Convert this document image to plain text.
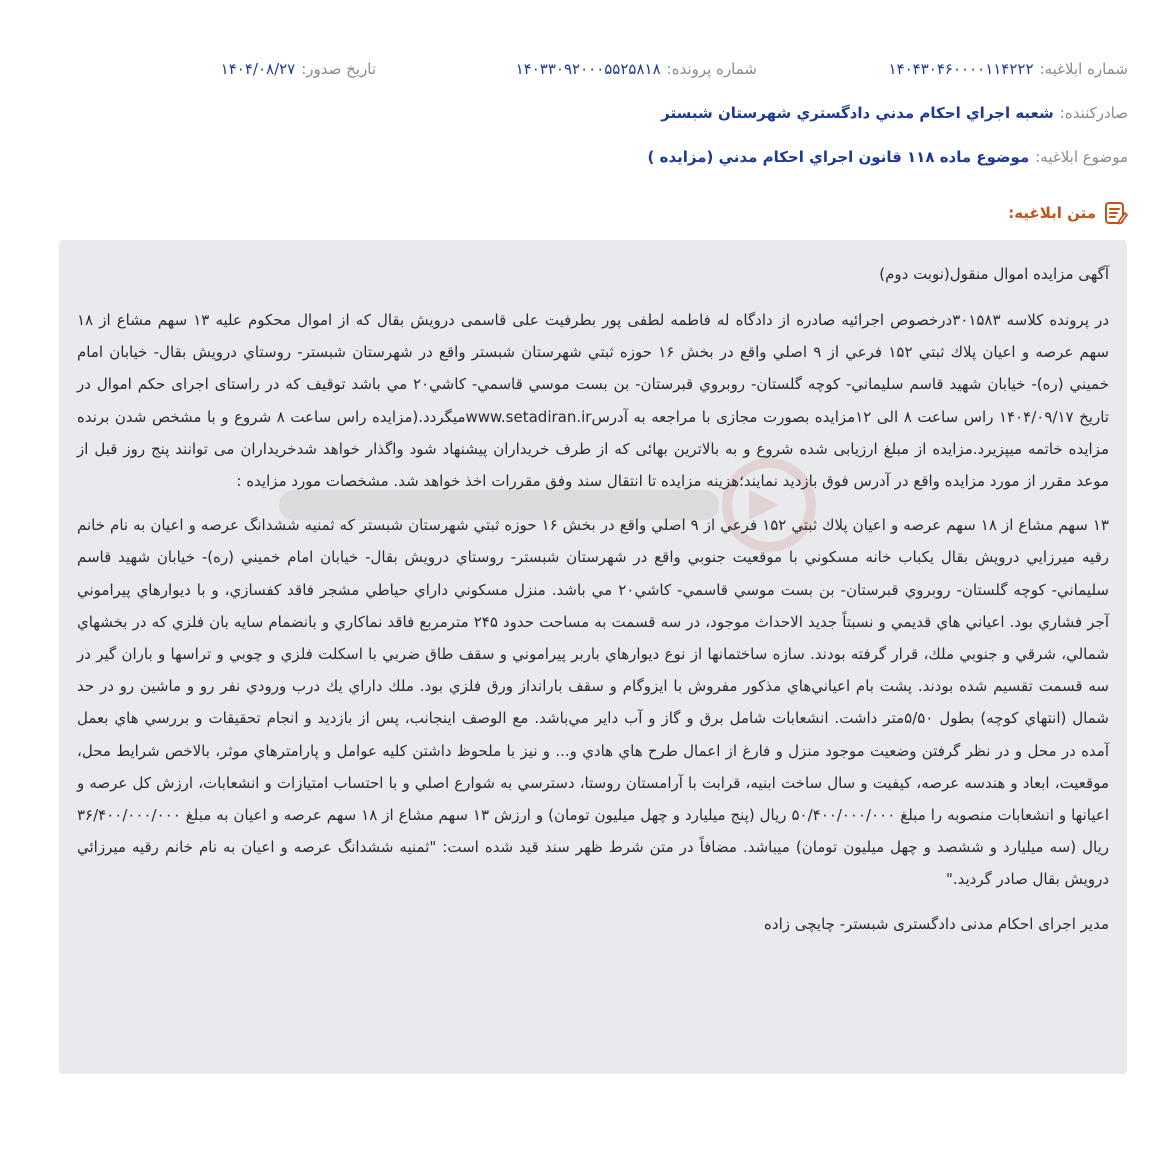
شماره ابلاغیه:
۱۴۰۴۳۰۴۶۰۰۰۰۱۱۴۲۲۲
شماره پرونده:
۱۴۰۳۳۰۹۲۰۰۰۵۵۲۵۸۱۸
تاریخ صدور:
۱۴۰۴/۰۸/۲۷
صادرکننده:
شعبه اجراي احكام مدني دادگستري شهرستان شبستر
موضوع ابلاغیه:
موضوع ماده ۱۱۸ قانون اجراي احكام مدني (مزايده )
متن ابلاغیه:

آگهی مزایده اموال منقول(نوبت دوم)

در پرونده کلاسه ۳۰۱۵۸۳درخصوص اجرائیه صادره از دادگاه له فاطمه لطفی پور بطرفیت علی قاسمی درویش بقال که از اموال محکوم علیه ۱۳ سهم مشاع از ۱۸ سهم عرصه و اعيان پلاك ثبتي ۱۵۲ فرعي از ۹ اصلي واقع در بخش ۱۶ حوزه ثبتي شهرستان شبستر واقع در شهرستان شبستر- روستاي درويش بقال- خيابان امام خميني (ره)- خيابان شهيد قاسم سليماني- كوچه گلستان- روبروي قبرستان- بن بست موسي قاسمي- كاشي۲۰ مي باشد توقیف که در راستای اجرای حکم اموال در تاریخ ۱۴۰۴/۰۹/۱۷ راس ساعت ۸ الی ۱۲مزایده بصورت مجازی با مراجعه به آدرسwww.setadiran.irمیگردد.(مزایده راس ساعت ۸ شروع و با مشخص شدن برنده مزایده خاتمه میپزیرد.مزایده از مبلغ ارزیابی شده شروع و به بالاترین بهائی که از طرف خریداران پیشنهاد شود واگذار خواهد شدخریداران می توانند پنج روز قبل از موعد مقرر از مورد مزایده واقع در آدرس فوق بازدید نمایند؛هزینه مزایده تا انتقال سند وفق مقررات اخذ خواهد شد. مشخصات مورد مزایده :

۱۳ سهم مشاع از ۱۸ سهم عرصه و اعيان پلاك ثبتي ۱۵۲ فرعي از ۹ اصلي واقع در بخش ۱۶ حوزه ثبتي شهرستان شبستر كه ثمنيه ششدانگ عرصه و اعيان به نام خانم رقيه ميرزايي درويش بقال يكباب خانه مسكوني با موقعيت جنوبي واقع در شهرستان شبستر- روستاي درويش بقال- خيابان امام خميني (ره)- خيابان شهيد قاسم سليماني- كوچه گلستان- روبروي قبرستان- بن بست موسي قاسمي- كاشي۲۰ مي باشد. منزل مسكوني داراي حياطي مشجر فاقد كفسازي، و با ديوارهاي پيراموني آجر فشاري بود. اعياني هاي قديمي و نسبتاً جديد الاحداث موجود، در سه قسمت به مساحت حدود ۲۴۵ مترمربع فاقد نماكاري و بانضمام سايه بان فلزي كه در بخشهاي شمالي، شرقي و جنوبي ملك، قرار گرفته بودند. سازه ساختمانها از نوع ديوارهاي باربر پيراموني و سقف طاق ضربي با اسكلت فلزي و چوبي و تراسها و باران گير در سه قسمت تقسيم شده بودند. پشت بام اعياني‌هاي مذكور مفروش با ايزوگام و سقف بارانداز ورق فلزي بود. ملك داراي يك درب ورودي نفر رو و ماشين رو در حد شمال (انتهاي كوچه) بطول ۵/۵۰متر داشت. انشعابات شامل برق و گاز و آب داير مي‌باشد. مع الوصف اينجانب، پس از بازديد و انجام تحقيقات و بررسي هاي بعمل آمده در محل و در نظر گرفتن وضعيت موجود منزل و فارغ از اعمال طرح هاي هادي و... و نيز با ملحوظ داشتن كليه عوامل و پارامترهاي موثر، بالاخص شرايط محل، موقعيت، ابعاد و هندسه عرصه، كيفيت و سال ساخت ابنيه، قرابت با آرامستان روستا، دسترسي به شوارع اصلي و با احتساب امتيازات و انشعابات، ارزش كل عرصه و اعيانها و انشعابات منصوبه را مبلغ ۵۰/۴۰۰/۰۰۰/۰۰۰ ريال (پنج ميليارد و چهل ميليون تومان) و ارزش ۱۳ سهم مشاع از ۱۸ سهم عرصه و اعيان به مبلغ ۳۶/۴۰۰/۰۰۰/۰۰۰ ريال (سه ميليارد و ششصد و چهل ميليون تومان) ميباشد. مضافاً در متن شرط ظهر سند قيد شده است: "ثمنيه ششدانگ عرصه و اعيان به نام خانم رقيه ميرزائي درويش بقال صادر گرديد."

مدیر اجرای احکام مدنی دادگستری شبستر- چایچی زاده
